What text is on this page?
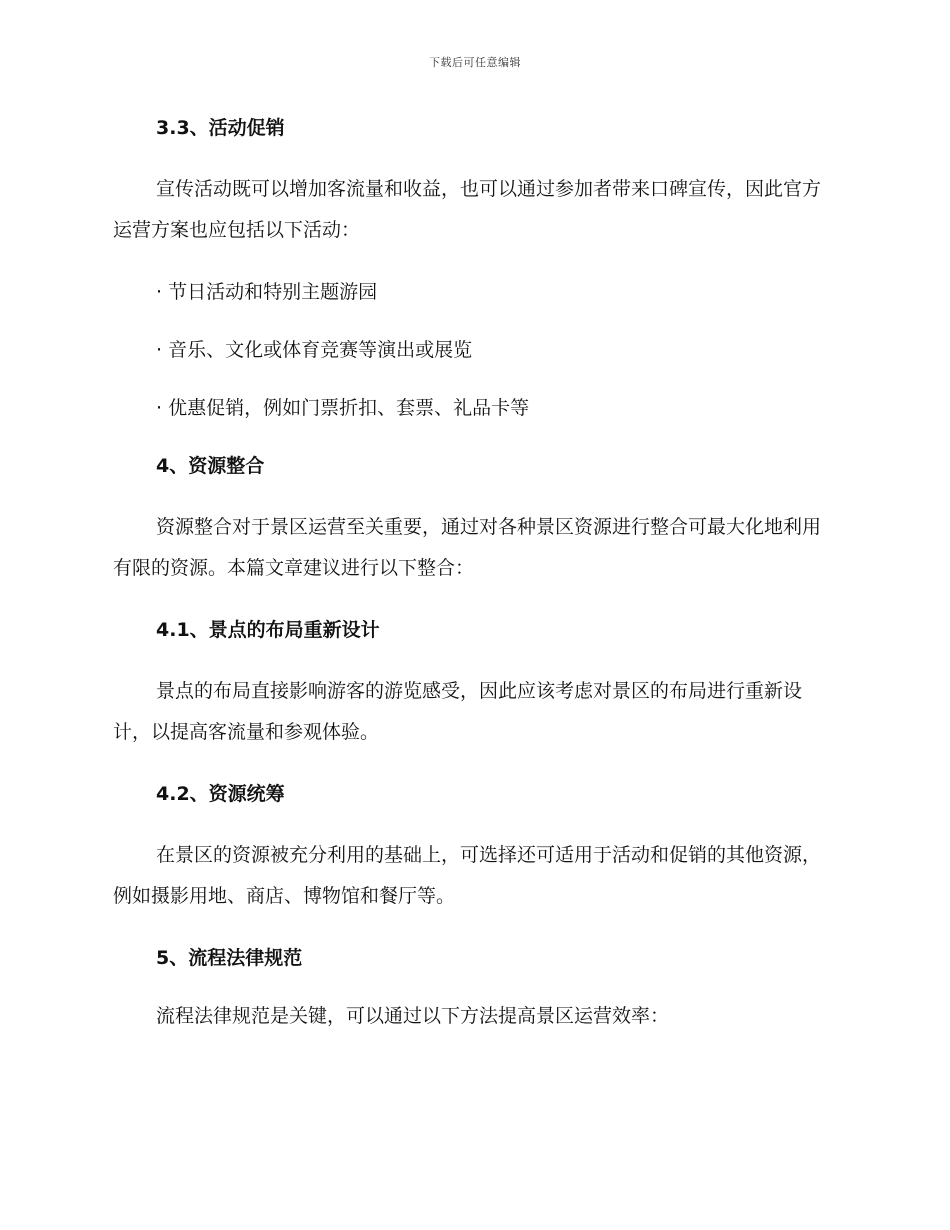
下载后可任意编辑
3.3、活动促销
宣传活动既可以增加客流量和收益，也可以通过参加者带来口碑宣传，因此官方运营方案也应包括以下活动：
· 节日活动和特别主题游园
· 音乐、文化或体育竞赛等演出或展览
· 优惠促销，例如门票折扣、套票、礼品卡等
4、资源整合
资源整合对于景区运营至关重要，通过对各种景区资源进行整合可最大化地利用有限的资源。本篇文章建议进行以下整合：
4.1、景点的布局重新设计
景点的布局直接影响游客的游览感受，因此应该考虑对景区的布局进行重新设计，以提高客流量和参观体验。
4.2、资源统筹
在景区的资源被充分利用的基础上，可选择还可适用于活动和促销的其他资源，例如摄影用地、商店、博物馆和餐厅等。
5、流程法律规范
流程法律规范是关键，可以通过以下方法提高景区运营效率：
